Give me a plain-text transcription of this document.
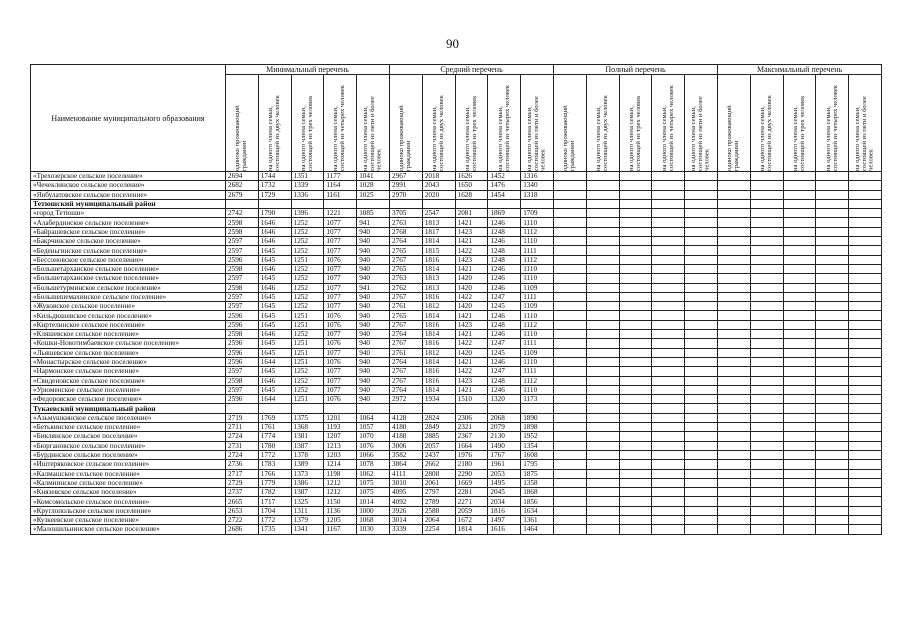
90
Наименование муниципального образования	Минимальный перечень					Средний перечень					Полный перечень					Максимальный перечень				

	одиноко проживающий гражданин	на одного члена семьи, состоящей из двух человек	на одного члена семьи, состоящей из трех человек	на одного члена семьи, состоящей из четырех человек	на одного члена семьи, состоящей из пяти и более человек	одиноко проживающий гражданин	на одного члена семьи, состоящей из двух человек	на одного члена семьи, состоящей из трех человек	на одного члена семьи, состоящей из четырех человек	на одного члена семьи, состоящей из пяти и более человек	одиноко проживающий гражданин	на одного члена семьи, состоящей из двух человек	на одного члена семьи, состоящей из трех человек	на одного члена семьи, состоящей из четырех человек	на одного члена семьи, состоящей из пяти и более человек	одиноко проживающий гражданин	на одного члена семьи, состоящей из двух человек	на одного члена семьи, состоящей из трех человек	на одного члена семьи, состоящей из четырех человек	на одного члена семьи, состоящей из пяти и более человек

«Трехозерское сельское поселение»	2694	1744	1351	1177	1041	2967	2018	1626	1452	1316										
«Чечеклинское сельское поселение»	2682	1732	1339	1164	1028	2991	2043	1650	1476	1340										
«Янбулатовское сельское поселение»	2679	1729	1336	1161	1025	2970	2020	1628	1454	1318										
Тетюшский муниципальный район																				
«город Тетюши»	2742	1790	1396	1221	1085	3705	2547	2081	1869	1709										
«Алабердинское сельское поселение»	2598	1646	1252	1077	941	2763	1813	1421	1246	1110										
«Байрашевское сельское поселение»	2598	1646	1252	1077	940	2768	1817	1423	1248	1112										
«Бакрчинское сельское поселение»	2597	1646	1252	1077	940	2764	1814	1421	1246	1110										
«Беденьгинское сельское поселение»	2597	1645	1252	1077	940	2765	1815	1422	1248	1111										
«Бессоновское сельское поселение»	2596	1645	1251	1076	940	2767	1816	1423	1248	1112										
«Большетарханское сельское поселение»	2598	1646	1252	1077	940	2765	1814	1421	1246	1110										
«Большетарханское сельское поселение»	2597	1645	1252	1077	940	2763	1813	1420	1246	1110										
«Большетурминское сельское поселение»	2598	1646	1252	1077	941	2762	1813	1420	1246	1109										
«Большешемахинское сельское поселение»	2597	1645	1252	1077	940	2767	1816	1422	1247	1111										
«Жуковское сельское поселение»	2597	1645	1252	1077	940	2761	1812	1420	1245	1109										
«Кильдюшевское сельское поселение»	2596	1645	1251	1076	940	2765	1814	1421	1246	1110										
«Киртелинское сельское поселение»	2596	1645	1251	1076	940	2767	1816	1423	1248	1112										
«Кляшевское сельское поселение»	2598	1646	1252	1077	940	2764	1814	1421	1246	1110										
«Кошки-Новотимбаевское сельское поселение»	2596	1645	1251	1076	940	2767	1816	1422	1247	1111										
«Льяшевское сельское поселение»	2596	1645	1251	1077	940	2761	1812	1420	1245	1109										
«Монастырское сельское поселение»	2596	1644	1251	1076	940	2764	1814	1421	1246	1110										
«Нармонское сельское поселение»	2597	1645	1252	1077	940	2767	1816	1422	1247	1111										
«Свиденовское сельское поселение»	2598	1646	1252	1077	940	2767	1816	1423	1248	1112										
«Урюменское сельское поселение»	2597	1645	1252	1077	940	2764	1814	1421	1246	1110										
«Федоровское сельское поселение»	2596	1644	1251	1076	940	2972	1934	1510	1320	1173										
Тукаевский муниципальный район																				
«Азьмушкинское сельское поселение»	2719	1769	1375	1201	1064	4128	2824	2306	2068	1890										
«Бетькинское сельское поселение»	2711	1761	1368	1193	1057	4180	2849	2321	2079	1898										
«Биклянское сельское поселение»	2724	1774	1381	1207	1070	4188	2885	2367	2130	1952										
«Бюргановское сельское поселение»	2731	1780	1387	1213	1076	3006	2057	1664	1490	1354										
«Бурдинское сельское поселение»	2724	1772	1378	1203	1066	3582	2437	1976	1767	1608										
«Иштеряковское сельское поселение»	2736	1783	1389	1214	1078	3864	2662	2180	1961	1795										
«Калмашское сельское поселение»	2717	1766	1373	1198	1062	4111	2808	2290	2053	1875										
«Калмиинское сельское поселение»	2729	1779	1386	1212	1075	3010	2061	1669	1495	1358										
«Князевское сельское поселение»	2737	1782	1387	1212	1075	4095	2797	2281	2045	1868										
«Комсомольское сельское поселение»	2665	1717	1325	1150	1014	4092	2789	2271	2034	1856										
«Круглопольское сельское поселение»	2653	1704	1311	1136	1000	3926	2588	2059	1816	1634										
«Кузкеевское сельское поселение»	2722	1772	1379	1205	1068	3014	2064	1672	1497	1361										
«Малошильнинское сельское поселение»	2686	1735	1341	1167	1030	3339	2254	1814	1616	1464										
